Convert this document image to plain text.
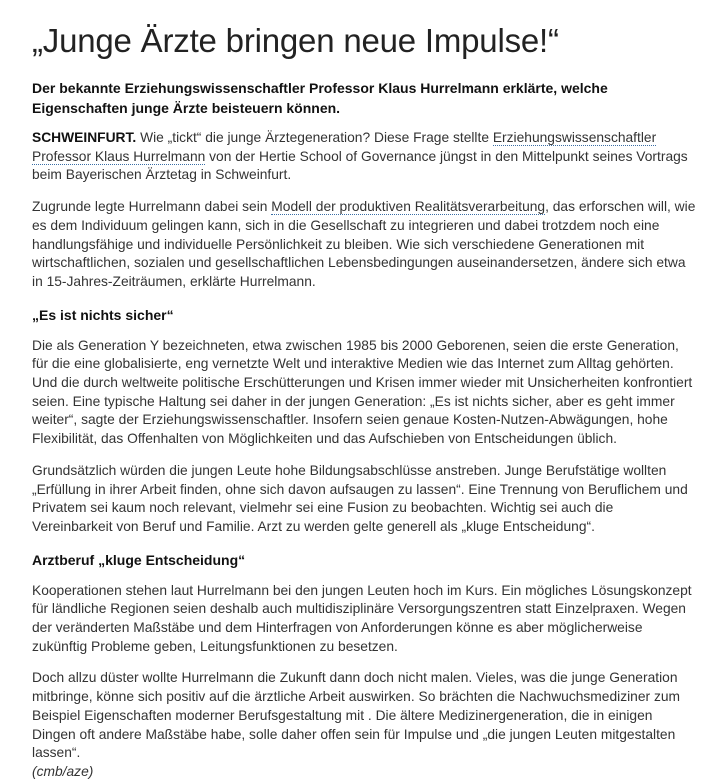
„Junge Ärzte bringen neue Impulse!“

Der bekannte Erziehungswissenschaftler Professor Klaus Hurrelmann erklärte, welche Eigenschaften junge Ärzte beisteuern können.

SCHWEINFURT. Wie „tickt“ die junge Ärztegeneration? Diese Frage stellte Erziehungswissenschaftler Professor Klaus Hurrelmann von der Hertie School of Governance jüngst in den Mittelpunkt seines Vortrags beim Bayerischen Ärztetag in Schweinfurt.

Zugrunde legte Hurrelmann dabei sein Modell der produktiven Realitätsverarbeitung, das erforschen will, wie es dem Individuum gelingen kann, sich in die Gesellschaft zu integrieren und dabei trotzdem noch eine handlungsfähige und individuelle Persönlichkeit zu bleiben. Wie sich verschiedene Generationen mit wirtschaftlichen, sozialen und gesellschaftlichen Lebensbedingungen auseinandersetzen, ändere sich etwa in 15-Jahres-Zeiträumen, erklärte Hurrelmann.

„Es ist nichts sicher“

Die als Generation Y bezeichneten, etwa zwischen 1985 bis 2000 Geborenen, seien die erste Generation, für die eine globalisierte, eng vernetzte Welt und interaktive Medien wie das Internet zum Alltag gehörten. Und die durch weltweite politische Erschütterungen und Krisen immer wieder mit Unsicherheiten konfrontiert seien. Eine typische Haltung sei daher in der jungen Generation: „Es ist nichts sicher, aber es geht immer weiter“, sagte der Erziehungswissenschaftler. Insofern seien genaue Kosten-Nutzen-Abwägungen, hohe Flexibilität, das Offenhalten von Möglichkeiten und das Aufschieben von Entscheidungen üblich.

Grundsätzlich würden die jungen Leute hohe Bildungsabschlüsse anstreben. Junge Berufstätige wollten „Erfüllung in ihrer Arbeit finden, ohne sich davon aufsaugen zu lassen“. Eine Trennung von Beruflichem und Privatem sei kaum noch relevant, vielmehr sei eine Fusion zu beobachten. Wichtig sei auch die Vereinbarkeit von Beruf und Familie. Arzt zu werden gelte generell als „kluge Entscheidung“.

Arztberuf „kluge Entscheidung“

Kooperationen stehen laut Hurrelmann bei den jungen Leuten hoch im Kurs. Ein mögliches Lösungskonzept für ländliche Regionen seien deshalb auch multidisziplinäre Versorgungszentren statt Einzelpraxen. Wegen der veränderten Maßstäbe und dem Hinterfragen von Anforderungen könne es aber möglicherweise zukünftig Probleme geben, Leitungsfunktionen zu besetzen.

Doch allzu düster wollte Hurrelmann die Zukunft dann doch nicht malen. Vieles, was die junge Generation mitbringe, könne sich positiv auf die ärztliche Arbeit auswirken. So brächten die Nachwuchsmediziner zum Beispiel Eigenschaften moderner Berufsgestaltung mit . Die ältere Medizinergeneration, die in einigen Dingen oft andere Maßstäbe habe, solle daher offen sein für Impulse und „die jungen Leuten mitgestalten lassen“.
(cmb/aze)
